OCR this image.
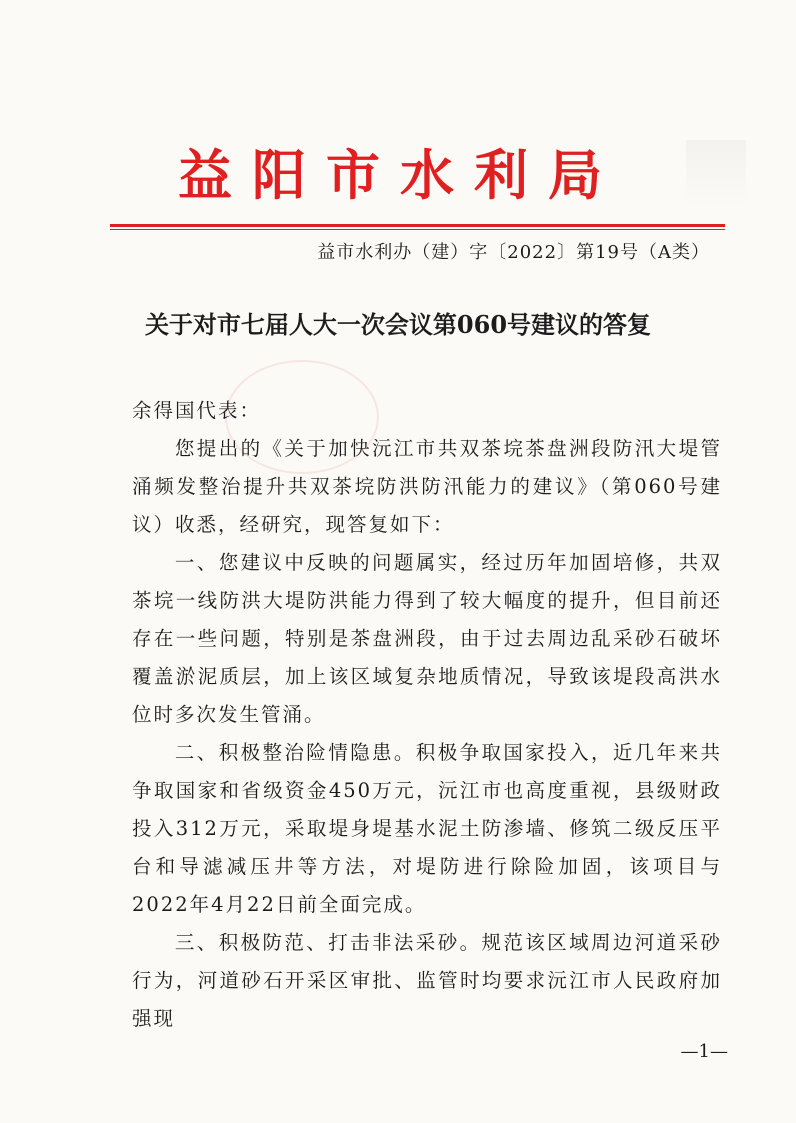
益阳市水利局
益市水利办（建）字〔2022〕第19号（A类）
关于对市七届人大一次会议第060号建议的答复

余得国代表：

您提出的《关于加快沅江市共双茶垸茶盘洲段防汛大堤管涌频发整治提升共双茶垸防洪防汛能力的建议》（第060号建议）收悉，经研究，现答复如下：

一、您建议中反映的问题属实，经过历年加固培修，共双茶垸一线防洪大堤防洪能力得到了较大幅度的提升，但目前还存在一些问题，特别是茶盘洲段，由于过去周边乱采砂石破坏覆盖淤泥质层，加上该区域复杂地质情况，导致该堤段高洪水位时多次发生管涌。

二、积极整治险情隐患。积极争取国家投入，近几年来共争取国家和省级资金450万元，沅江市也高度重视，县级财政投入312万元，采取堤身堤基水泥土防渗墙、修筑二级反压平台和导滤减压井等方法，对堤防进行除险加固，该项目与2022年4月22日前全面完成。

三、积极防范、打击非法采砂。规范该区域周边河道采砂行为，河道砂石开采区审批、监管时均要求沅江市人民政府加强现

—1—
